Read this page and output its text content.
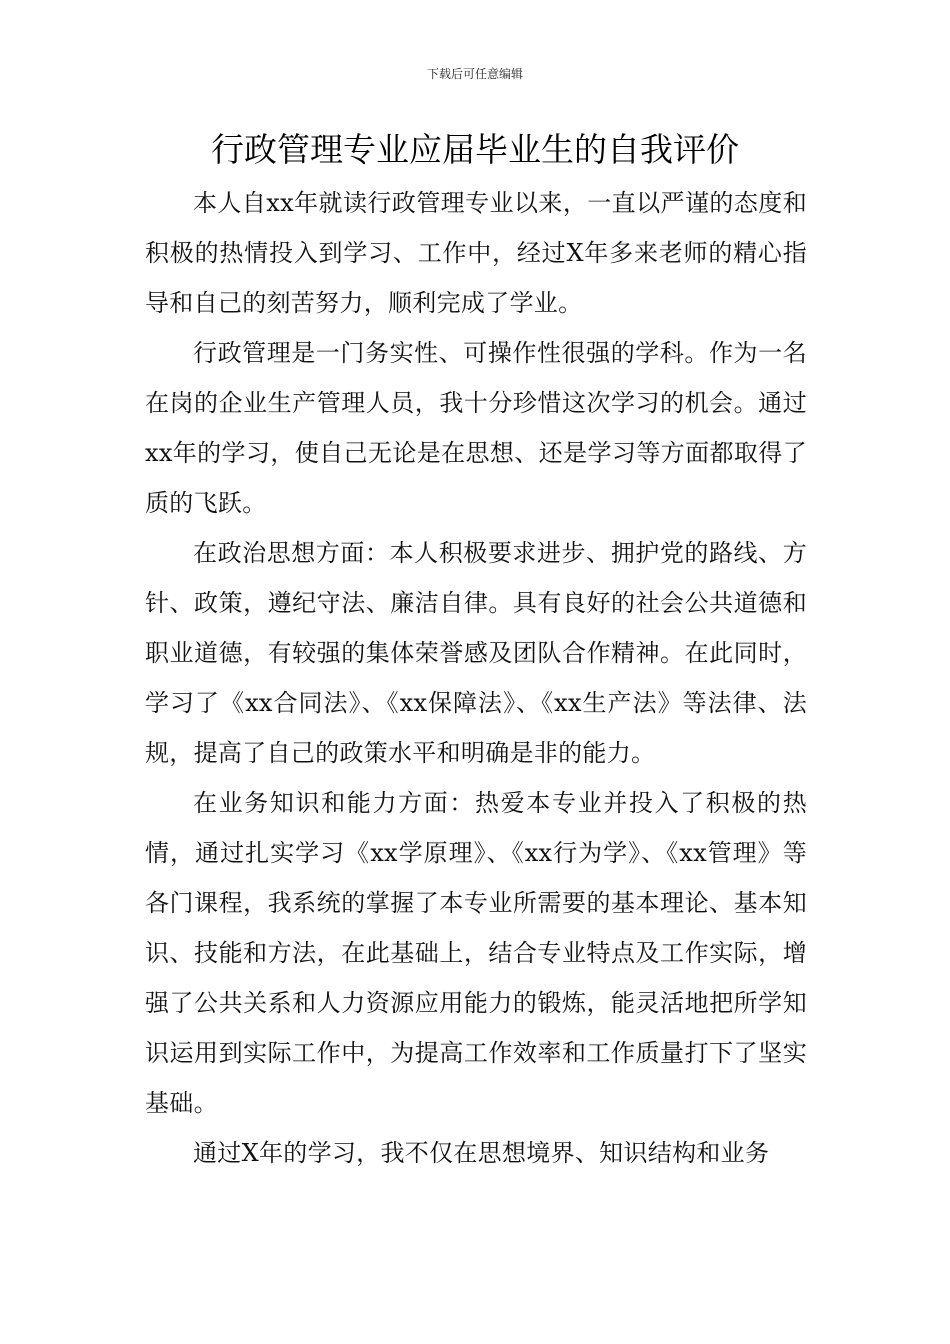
下载后可任意编辑
行政管理专业应届毕业生的自我评价

本人自xx年就读行政管理专业以来，一直以严谨的态度和积极的热情投入到学习、工作中，经过X年多来老师的精心指导和自己的刻苦努力，顺利完成了学业。

行政管理是一门务实性、可操作性很强的学科。作为一名在岗的企业生产管理人员，我十分珍惜这次学习的机会。通过xx年的学习，使自己无论是在思想、还是学习等方面都取得了质的飞跃。

在政治思想方面：本人积极要求进步、拥护党的路线、方针、政策，遵纪守法、廉洁自律。具有良好的社会公共道德和职业道德，有较强的集体荣誉感及团队合作精神。在此同时，学习了《xx合同法》、《xx保障法》、《xx生产法》等法律、法规，提高了自己的政策水平和明确是非的能力。

在业务知识和能力方面：热爱本专业并投入了积极的热情，通过扎实学习《xx学原理》、《xx行为学》、《xx管理》等各门课程，我系统的掌握了本专业所需要的基本理论、基本知识、技能和方法，在此基础上，结合专业特点及工作实际，增强了公共关系和人力资源应用能力的锻炼，能灵活地把所学知识运用到实际工作中，为提高工作效率和工作质量打下了坚实基础。

通过X年的学习，我不仅在思想境界、知识结构和业务
